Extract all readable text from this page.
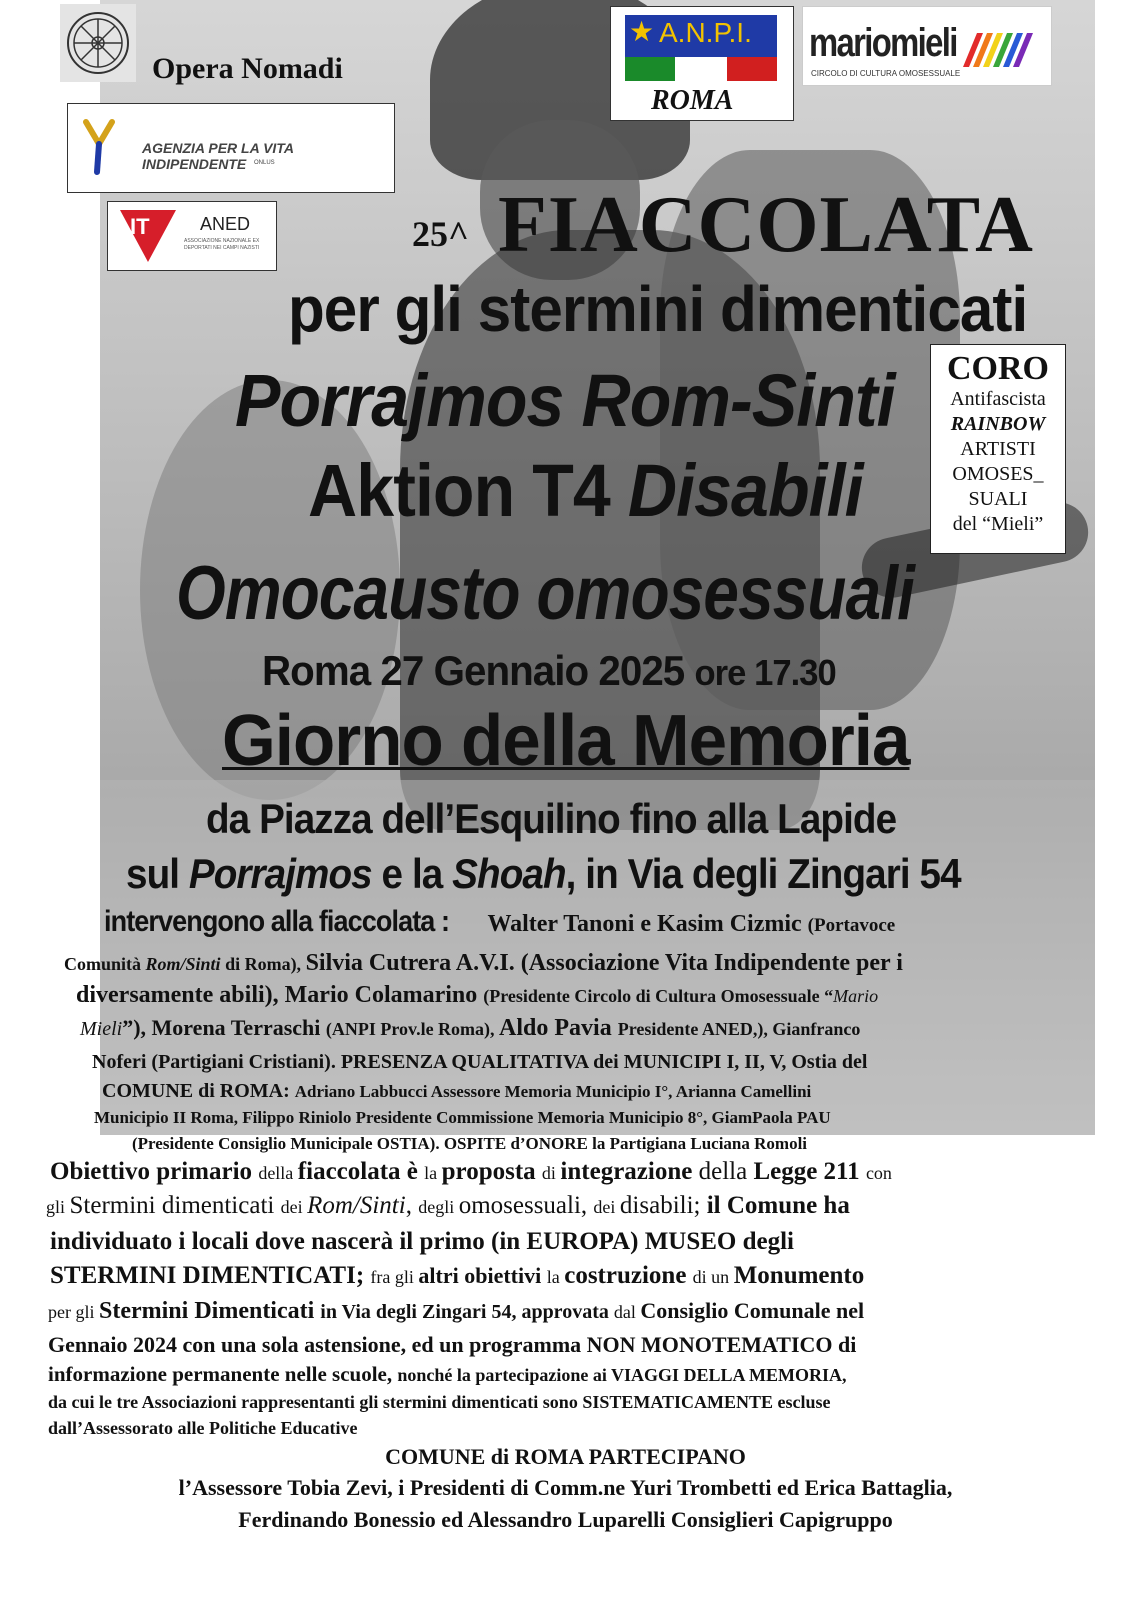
Opera Nomadi
AGENZIA PER LA VITA INDIPENDENTE	ONLUS
IT	ANED
ASSOCIAZIONE NAZIONALE EX DEPORTATI NEI CAMPI NAZISTI
★ A.N.P.I.
ROMA
mariomieli
CIRCOLO DI CULTURA OMOSESSUALE
CORO
Antifascista
RAINBOW
ARTISTI
OMOSES_
SUALI
del “Mieli”
25^ FIACCOLATA
per gli stermini dimenticati
Porrajmos Rom-Sinti
Aktion T4 Disabili
Omocausto omosessuali
Roma 27 Gennaio 2025 ore 17.30
Giorno della Memoria
da Piazza dell’Esquilino fino alla Lapide
sul Porrajmos e la Shoah, in Via degli Zingari 54
intervengono alla fiaccolata :Walter Tanoni e Kasim Cizmic (Portavoce
Comunità Rom/Sinti di Roma), Silvia Cutrera A.V.I. (Associazione Vita Indipendente per i
diversamente abili), Mario Colamarino (Presidente Circolo di Cultura Omosessuale “Mario
Mieli”), Morena Terraschi (ANPI Prov.le Roma), Aldo Pavia Presidente ANED,), Gianfranco
Noferi (Partigiani Cristiani). PRESENZA QUALITATIVA dei MUNICIPI I, II, V, Ostia del
COMUNE di ROMA: Adriano Labbucci Assessore Memoria Municipio I°, Arianna Camellini
Municipio II Roma, Filippo Riniolo Presidente Commissione Memoria Municipio 8°, GiamPaola PAU
(Presidente Consiglio Municipale OSTIA). OSPITE d’ONORE la Partigiana Luciana Romoli
Obiettivo primario della fiaccolata è la proposta di integrazione della Legge 211 con
gli Stermini dimenticati dei Rom/Sinti, degli omosessuali, dei disabili; il Comune ha
individuato i locali dove nascerà il primo (in EUROPA) MUSEO degli
STERMINI DIMENTICATI; fra gli altri obiettivi la costruzione di un Monumento
per gli Stermini Dimenticati in Via degli Zingari 54, approvata dal Consiglio Comunale nel
Gennaio 2024 con una sola astensione, ed un programma NON MONOTEMATICO di
informazione permanente nelle scuole, nonché la partecipazione ai VIAGGI DELLA MEMORIA,
da cui le tre Associazioni rappresentanti gli stermini dimenticati sono SISTEMATICAMENTE escluse
dall’Assessorato alle Politiche Educative
COMUNE di ROMA PARTECIPANO
l’Assessore Tobia Zevi, i Presidenti di Comm.ne Yuri Trombetti ed Erica Battaglia,
Ferdinando Bonessio ed Alessandro Luparelli Consiglieri Capigruppo
